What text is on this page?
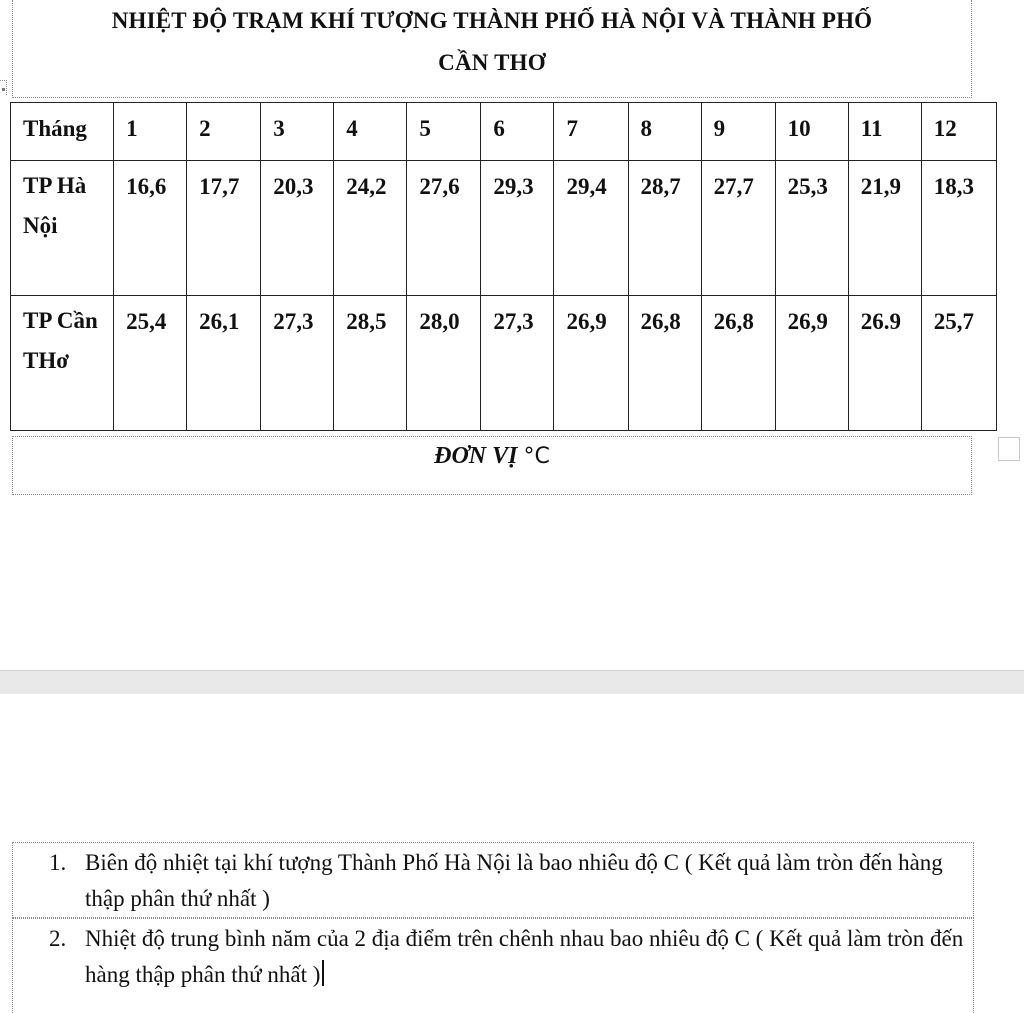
NHIỆT ĐỘ TRẠM KHÍ TƯỢNG THÀNH PHỐ HÀ NỘI VÀ THÀNH PHỐ

CẦN THƠ

Tháng	1	2	3	4	5	6	7	8	9	10	11	12
TP Hà Nội	16,6	17,7	20,3	24,2	27,6	29,3	29,4	28,7	27,7	25,3	21,9	18,3
TP Cần THơ	25,4	26,1	27,3	28,5	28,0	27,3	26,9	26,8	26,8	26,9	26.9	25,7
ĐƠN VỊ °C
1. Biên độ nhiệt tại khí tượng Thành Phố Hà Nội là bao nhiêu độ C ( Kết quả làm tròn đến hàng thập phân thứ nhất )
2. Nhiệt độ trung bình năm của 2 địa điểm trên chênh nhau bao nhiêu độ C ( Kết quả làm tròn đến hàng thập phân thứ nhất )
